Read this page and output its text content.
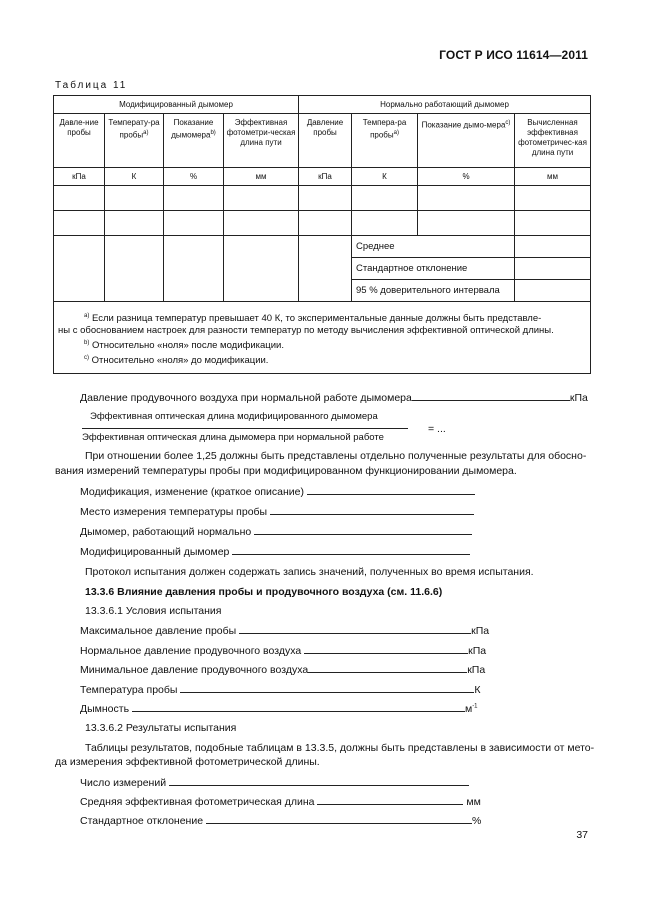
ГОСТ Р ИСО 11614—2011
Таблица 11
Модифицированный дымомер				Нормально работающий дымомер			
Давле-ние пробы	Температу-ра пробы$^{a)}$	Показание дымомера$^{b)}$	Эффективная фотометри-ческая длина пути	Давление пробы	Темпера-ра пробы$^{a)}$	Показание дымо-мера$^{c)}$	Вычисленная эффективная фотометричес-кая длина пути
кПа	К	%	мм	кПа	К	%	мм

					Среднее		
					Стандартное отклонение		
					95 % доверительного интервала		

$^{a)}$ Если разница температур превышает 40 К, то экспериментальные данные должны быть представле-
ны с обоснованием настроек для разности температур по методу вычисления эффективной оптической длины.
$^{b)}$ Относительно «ноля» после модификации.
$^{c)}$ Относительно «ноля» до модификации.							
Давление продувочного воздуха при нормальной работе дымомера	кПа
Эффективная оптическая длина модифицированного дымомера
Эффективная оптическая длина дымомера при нормальной работе
= ...
При отношении более 1,25 должны быть представлены отдельно полученные результаты для обосно-
вания измерений температуры пробы при модифицированном функционировании дымомера.
Модификация, изменение (краткое описание)
Место измерения температуры пробы
Дымомер, работающий нормально
Модифицированный дымомер
Протокол испытания должен содержать запись значений, полученных во время испытания.
13.3.6 Влияние давления пробы и продувочного воздуха (см. 11.6.6)
13.3.6.1 Условия испытания
Максимальное давление пробы	кПа
Нормальное давление продувочного воздуха	кПа
Минимальное давление продувочного воздуха	кПа
Температура пробы	К
Дымность	$м^{-1}$
13.3.6.2 Результаты испытания
Таблицы результатов, подобные таблицам в 13.3.5, должны быть представлены в зависимости от мето-
да измерения эффективной фотометрической длины.
Число измерений
Средняя эффективная фотометрическая длина	мм
Стандартное отклонение	%
37
